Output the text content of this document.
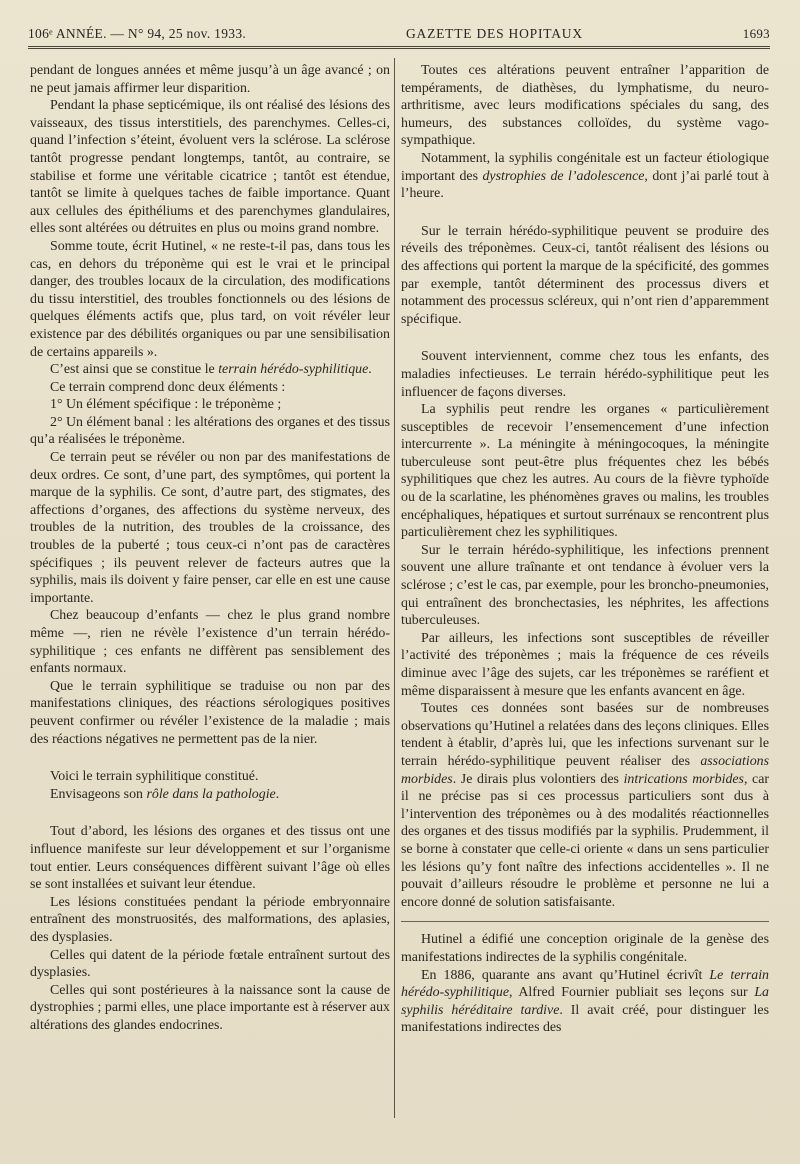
106ᵉ ANNÉE. — N° 94, 25 nov. 1933.	GAZETTE DES HOPITAUX	1693

pendant de longues années et même jusqu’à un âge avancé ; on ne peut jamais affirmer leur disparition.

Pendant la phase septicémique, ils ont réalisé des lésions des vaisseaux, des tissus interstitiels, des parenchymes. Celles-ci, quand l’infection s’éteint, évoluent vers la sclérose. La sclérose tantôt progresse pendant longtemps, tantôt, au contraire, se stabilise et forme une véritable cicatrice ; tantôt est étendue, tantôt se limite à quelques taches de faible importance. Quant aux cellules des épithéliums et des parenchymes glandulaires, elles sont altérées ou détruites en plus ou moins grand nombre.

Somme toute, écrit Hutinel, « ne reste-t-il pas, dans tous les cas, en dehors du tréponème qui est le vrai et le principal danger, des troubles locaux de la circulation, des modifications du tissu interstitiel, des troubles fonctionnels ou des lésions de quelques éléments actifs que, plus tard, on voit révéler leur existence par des débilités organiques ou par une sensibilisation de certains appareils ».

C’est ainsi que se constitue le terrain hérédo-syphilitique.

Ce terrain comprend donc deux éléments :

1° Un élément spécifique : le tréponème ;

2° Un élément banal : les altérations des organes et des tissus qu’a réalisées le tréponème.

Ce terrain peut se révéler ou non par des manifestations de deux ordres. Ce sont, d’une part, des symptômes, qui portent la marque de la syphilis. Ce sont, d’autre part, des stigmates, des affections d’organes, des affections du système nerveux, des troubles de la nutrition, des troubles de la croissance, des troubles de la puberté ; tous ceux-ci n’ont pas de caractères spécifiques ; ils peuvent relever de facteurs autres que la syphilis, mais ils doivent y faire penser, car elle en est une cause importante.

Chez beaucoup d’enfants — chez le plus grand nombre même —, rien ne révèle l’existence d’un terrain hérédo-syphilitique ; ces enfants ne diffèrent pas sensiblement des enfants normaux.

Que le terrain syphilitique se traduise ou non par des manifestations cliniques, des réactions sérologiques positives peuvent confirmer ou révéler l’existence de la maladie ; mais des réactions négatives ne permettent pas de la nier.

Voici le terrain syphilitique constitué.

Envisageons son rôle dans la pathologie.

Tout d’abord, les lésions des organes et des tissus ont une influence manifeste sur leur développement et sur l’organisme tout entier. Leurs conséquences diffèrent suivant l’âge où elles se sont installées et suivant leur étendue.

Les lésions constituées pendant la période embryonnaire entraînent des monstruosités, des malformations, des aplasies, des dysplasies.

Celles qui datent de la période fœtale entraînent surtout des dysplasies.

Celles qui sont postérieures à la naissance sont la cause de dystrophies ; parmi elles, une place importante est à réserver aux altérations des glandes endocrines.

Toutes ces altérations peuvent entraîner l’apparition de tempéraments, de diathèses, du lymphatisme, du neuro-arthritisme, avec leurs modifications spéciales du sang, des humeurs, des substances colloïdes, du système vago-sympathique.

Notamment, la syphilis congénitale est un facteur étiologique important des dystrophies de l’adolescence, dont j’ai parlé tout à l’heure.

Sur le terrain hérédo-syphilitique peuvent se produire des réveils des tréponèmes. Ceux-ci, tantôt réalisent des lésions ou des affections qui portent la marque de la spécificité, des gommes par exemple, tantôt déterminent des processus divers et notamment des processus scléreux, qui n’ont rien d’apparemment spécifique.

Souvent interviennent, comme chez tous les enfants, des maladies infectieuses. Le terrain hérédo-syphilitique peut les influencer de façons diverses.

La syphilis peut rendre les organes « particulièrement susceptibles de recevoir l’ensemencement d’une infection intercurrente ». La méningite à méningocoques, la méningite tuberculeuse sont peut-être plus fréquentes chez les bébés syphilitiques que chez les autres. Au cours de la fièvre typhoïde ou de la scarlatine, les phénomènes graves ou malins, les troubles encéphaliques, hépatiques et surtout surrénaux se rencontrent plus particulièrement chez les syphilitiques.

Sur le terrain hérédo-syphilitique, les infections prennent souvent une allure traînante et ont tendance à évoluer vers la sclérose ; c’est le cas, par exemple, pour les broncho-pneumonies, qui entraînent des bronchectasies, les néphrites, les affections tuberculeuses.

Par ailleurs, les infections sont susceptibles de réveiller l’activité des tréponèmes ; mais la fréquence de ces réveils diminue avec l’âge des sujets, car les tréponèmes se raréfient et même disparaissent à mesure que les enfants avancent en âge.

Toutes ces données sont basées sur de nombreuses observations qu’Hutinel a relatées dans des leçons cliniques. Elles tendent à établir, d’après lui, que les infections survenant sur le terrain hérédo-syphilitique peuvent réaliser des associations morbides. Je dirais plus volontiers des intrications morbides, car il ne précise pas si ces processus particuliers sont dus à l’intervention des tréponèmes ou à des modalités réactionnelles des organes et des tissus modifiés par la syphilis. Prudemment, il se borne à constater que celle-ci oriente « dans un sens particulier les lésions qu’y font naître des infections accidentelles ». Il ne pouvait d’ailleurs résoudre le problème et personne ne lui a encore donné de solution satisfaisante.

Hutinel a édifié une conception originale de la genèse des manifestations indirectes de la syphilis congénitale.

En 1886, quarante ans avant qu’Hutinel écrivît Le terrain hérédo-syphilitique, Alfred Fournier publiait ses leçons sur La syphilis héréditaire tardive. Il avait créé, pour distinguer les manifestations indirectes des
